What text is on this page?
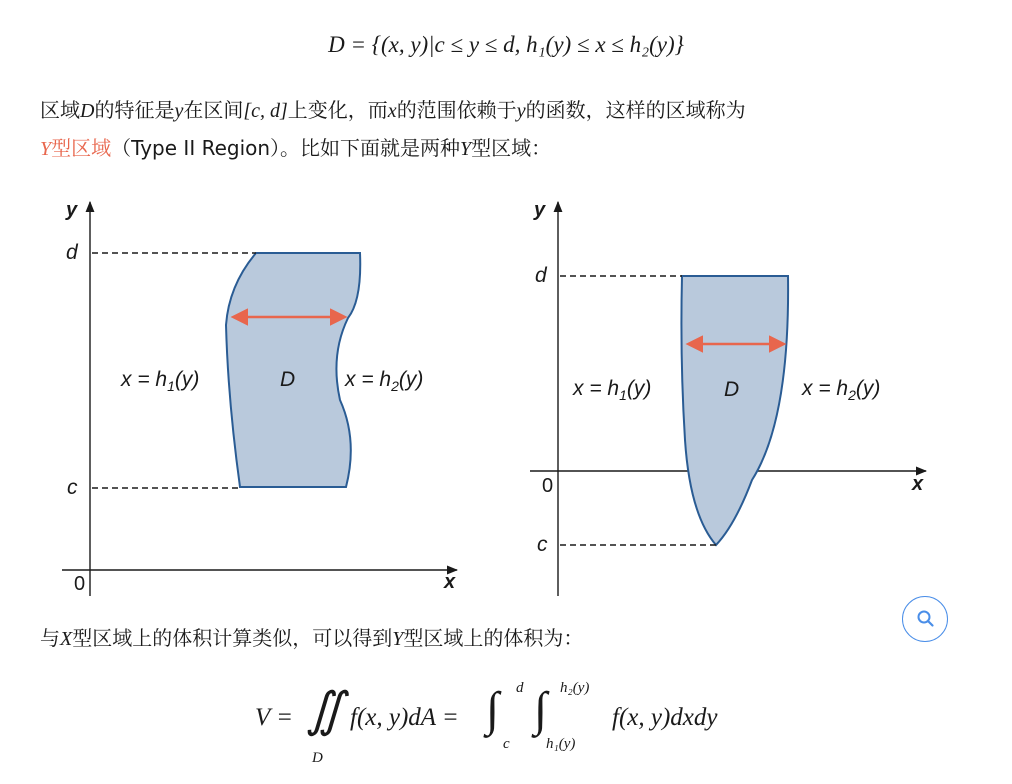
D = {(x, y)|c ≤ y ≤ d, h₁(y) ≤ x ≤ h₂(y)}
区域D的特征是y在区间[c, d]上变化，而x的范围依赖于y的函数，这样的区域称为
Y型区域（Type II Region）。比如下面就是两种Y型区域：
y
x
0
d
c
$x = h_1(y)$	D $x = h_2(y)$
y
x
0
d
c
$x = h_1(y)$	D	$x = h_2(y)$
与X型区域上的体积计算类似，可以得到Y型区域上的体积为：
V = ∬
D
f(x, y)dA = ∫ d
c
∫ h₂(y)
h₁(y)
f(x, y)dxdy
